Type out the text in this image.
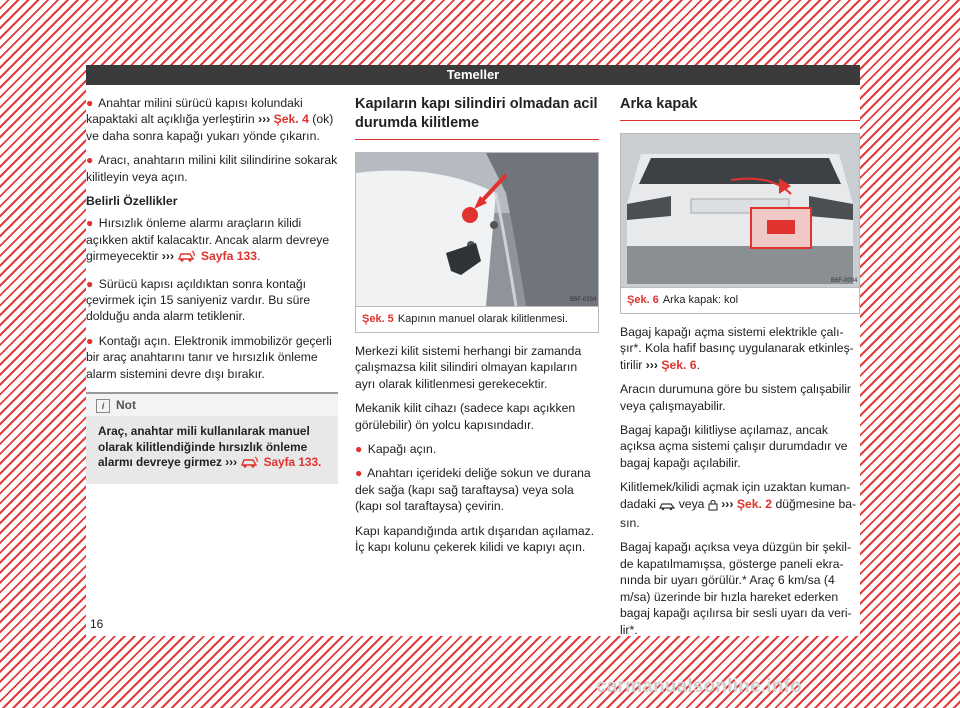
Temeller
● Anahtar milini sürücü kapısı kolundaki kapaktaki alt açıklığa yerleştirin ››› Şek. 4 (ok) ve daha sonra kapağı yukarı yönde çıkarın.
● Aracı, anahtarın milini kilit silindirine sokarak kilitleyin veya açın.
Belirli Özellikler
● Hırsızlık önleme alarmı araçların kilidi açıkken aktif kalacaktır. Ancak alarm devreye girmeyecektir ››› Sayfa 133.
● Sürücü kapısı açıldıktan sonra kontağı çevirmek için 15 saniyeniz vardır. Bu süre dolduğu anda alarm tetiklenir.
● Kontağı açın. Elektronik immobilizör geçerli bir araç anahtarını tanır ve hırsızlık önleme alarm sistemini devre dışı bırakır.
i Not
Araç, anahtar mili kullanılarak manuel olarak kilitlendiğinde hırsızlık önleme alarmı devreye girmez ››› Sayfa 133.
Kapıların kapı silindiri olmadan acil durumda kilitleme
B5F-0334
Şek. 5 Kapının manuel olarak kilitlenmesi.

Merkezi kilit sistemi herhangi bir zamanda çalışmazsa kilit silindiri olmayan kapıların ayrı olarak kilitlenmesi gerekecektir.

Mekanik kilit cihazı (sadece kapı açıkken görülebilir) ön yolcu kapısındadır.

● Kapağı açın.
● Anahtarı içerideki deliğe sokun ve durana dek sağa (kapı sağ taraftaysa) veya sola (kapı sol taraftaysa) çevirin.

Kapı kapandığında artık dışarıdan açılamaz. İç kapı kolunu çekerek kilidi ve kapıyı açın.

Arka kapak
B6F-0004
Şek. 6 Arka kapak: kol

Bagaj kapağı açma sistemi elektrikle çalışır*. Kola hafif basınç uygulanarak etkinleştirilir ››› Şek. 6.

Aracın durumuna göre bu sistem çalışabilir veya çalışmayabilir.

Bagaj kapağı kilitliyse açılamaz, ancak açıksa açma sistemi çalışır durumdadır ve bagaj kapağı açılabilir.

Kilitlemek/kilidi açmak için uzaktan kumandadaki veya ››› Şek. 2 düğmesine basın.

Bagaj kapağı açıksa veya düzgün bir şekilde kapatılmamışsa, gösterge paneli ekranında bir uyarı görülür.* Araç 6 km/sa (4 m/sa) üzerinde bir hızla hareket ederken bagaj kapağı açılırsa bir sesli uyarı da verilir*.

16
carmanualsonline.info
